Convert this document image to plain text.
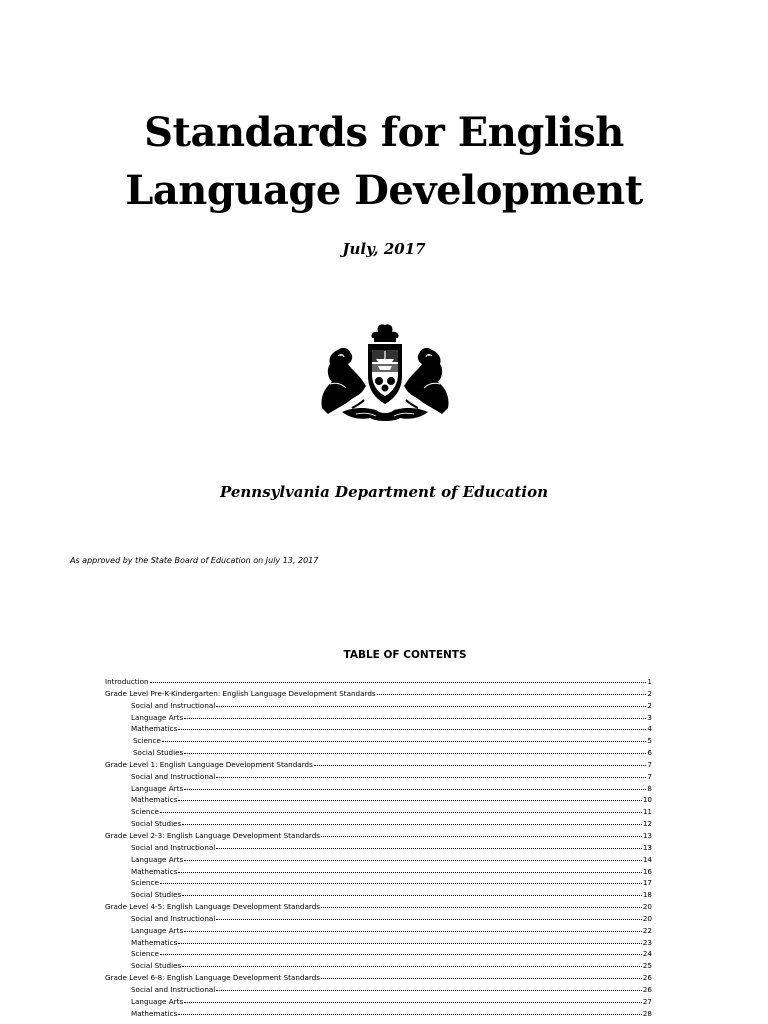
Standards for English
Language Development
July, 2017
Pennsylvania Department of Education
As approved by the State Board of Education on July 13, 2017
TABLE OF CONTENTS
Introduction	1
Grade Level Pre-K-Kindergarten: English Language Development Standards	2
Social and Instructional	2
Language Arts	3
Mathematics	4
Science	5
Social Studies	6
Grade Level 1: English Language Development Standards	7
Social and Instructional	7
Language Arts	8
Mathematics	10
Science	11
Social Studies	12
Grade Level 2-3: English Language Development Standards	13
Social and Instructional	13
Language Arts	14
Mathematics	16
Science	17
Social Studies	18
Grade Level 4-5: English Language Development Standards	20
Social and Instructional	20
Language Arts	22
Mathematics	23
Science	24
Social Studies	25
Grade Level 6-8: English Language Development Standards	26
Social and Instructional	26
Language Arts	27
Mathematics	28
